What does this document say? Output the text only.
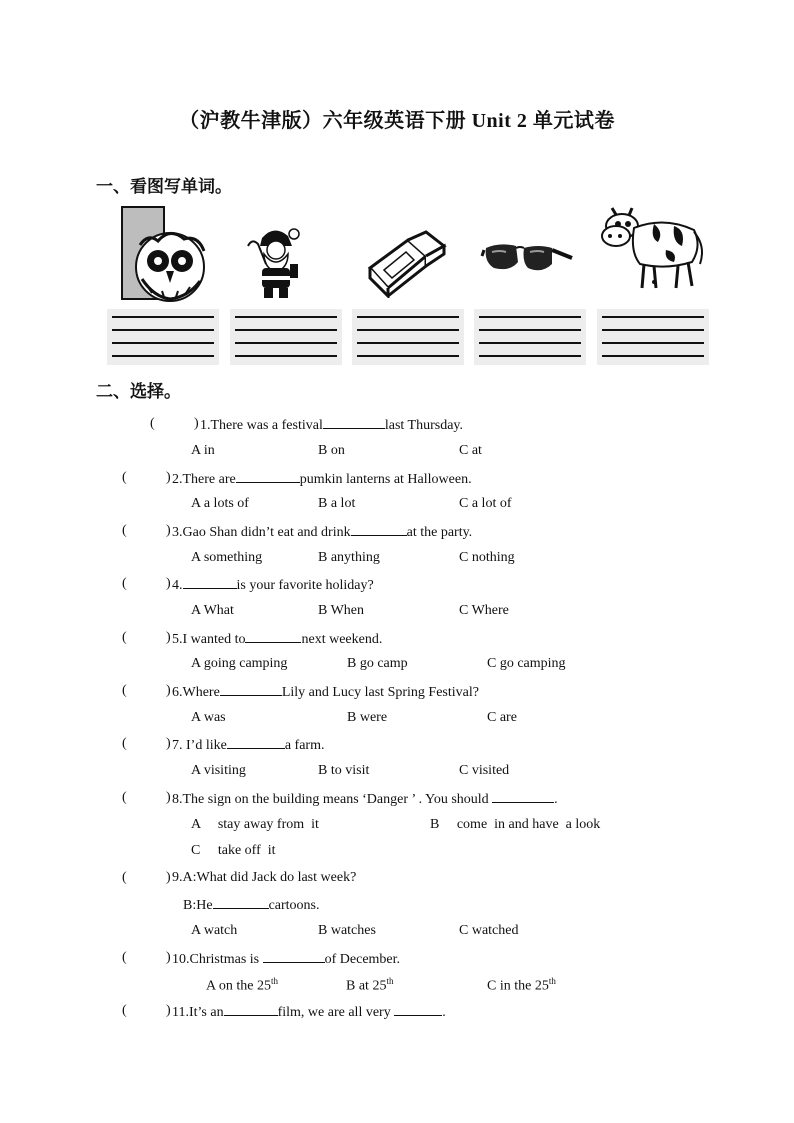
（沪教牛津版）六年级英语下册 Unit 2 单元试卷
一、看图写单词。
二、选择。
(	) 1.There was a festival	last Thursday.
A in	B on	C at
(	) 2.There are	pumkin lanterns at Halloween.
A a lots of	B a lot	C a lot of
(	) 3.Gao Shan didn’t eat and drink	at the party.
A something	B anything	C nothing
(	) 4.	is your favorite holiday?
A What	B When	C Where
(	) 5.I wanted to	next weekend.
A going camping	B go camp	C go camping
(	) 6.Where	Lily and Lucy last Spring Festival?
A was	B were	C are
(	) 7. I’d like	a farm.
A visiting	B to visit	C visited
(	) 8.The sign on the building means ‘Danger ’ . You should	.
A     stay away from  it	B     come  in and have  a look
C     take off  it
(	) 9.A:What did Jack do last week?
B:He	cartoons.
A watch	B watches	C watched
(	) 10.Christmas is	of December.
A on the 25th	B at 25th	C in the 25th
(	) 11.It’s an	film, we are all very	.
